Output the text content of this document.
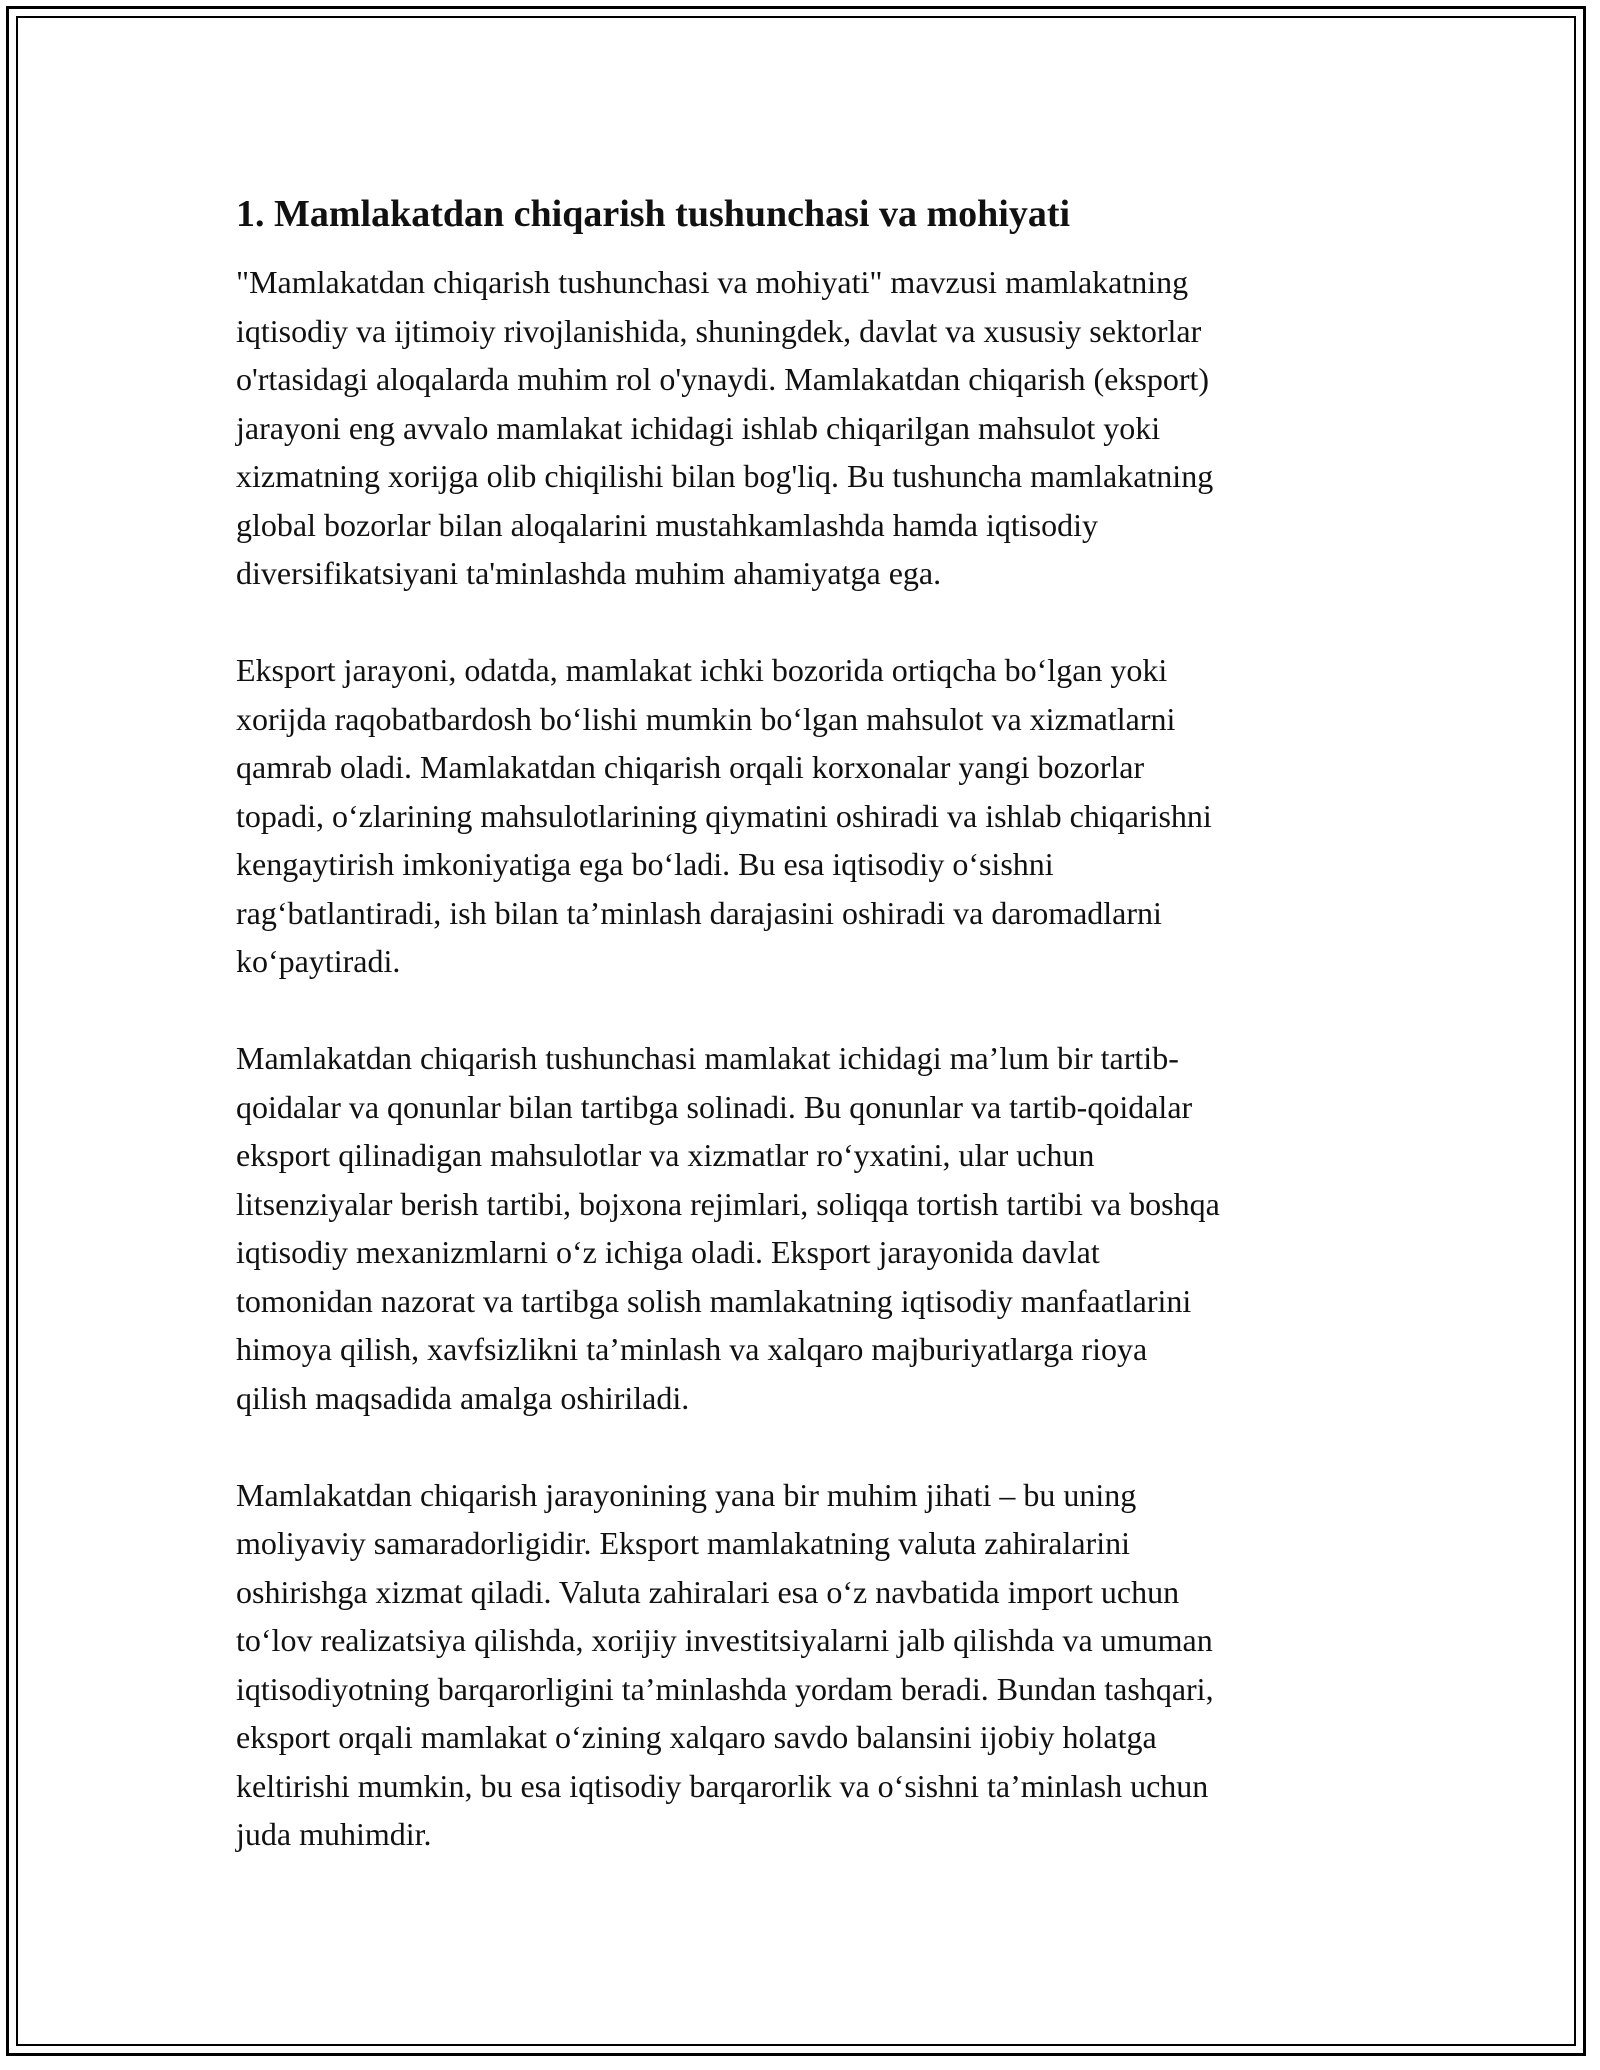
1. Mamlakatdan chiqarish tushunchasi va mohiyati

"Mamlakatdan chiqarish tushunchasi va mohiyati" mavzusi mamlakatning
iqtisodiy va ijtimoiy rivojlanishida, shuningdek, davlat va xususiy sektorlar
o'rtasidagi aloqalarda muhim rol o'ynaydi. Mamlakatdan chiqarish (eksport)
jarayoni eng avvalo mamlakat ichidagi ishlab chiqarilgan mahsulot yoki
xizmatning xorijga olib chiqilishi bilan bog'liq. Bu tushuncha mamlakatning
global bozorlar bilan aloqalarini mustahkamlashda hamda iqtisodiy
diversifikatsiyani ta'minlashda muhim ahamiyatga ega.

Eksport jarayoni, odatda, mamlakat ichki bozorida ortiqcha bo‘lgan yoki
xorijda raqobatbardosh bo‘lishi mumkin bo‘lgan mahsulot va xizmatlarni
qamrab oladi. Mamlakatdan chiqarish orqali korxonalar yangi bozorlar
topadi, o‘zlarining mahsulotlarining qiymatini oshiradi va ishlab chiqarishni
kengaytirish imkoniyatiga ega bo‘ladi. Bu esa iqtisodiy o‘sishni
rag‘batlantiradi, ish bilan ta’minlash darajasini oshiradi va daromadlarni
ko‘paytiradi.

Mamlakatdan chiqarish tushunchasi mamlakat ichidagi ma’lum bir tartib-
qoidalar va qonunlar bilan tartibga solinadi. Bu qonunlar va tartib-qoidalar
eksport qilinadigan mahsulotlar va xizmatlar ro‘yxatini, ular uchun
litsenziyalar berish tartibi, bojxona rejimlari, soliqqa tortish tartibi va boshqa
iqtisodiy mexanizmlarni o‘z ichiga oladi. Eksport jarayonida davlat
tomonidan nazorat va tartibga solish mamlakatning iqtisodiy manfaatlarini
himoya qilish, xavfsizlikni ta’minlash va xalqaro majburiyatlarga rioya
qilish maqsadida amalga oshiriladi.

Mamlakatdan chiqarish jarayonining yana bir muhim jihati – bu uning
moliyaviy samaradorligidir. Eksport mamlakatning valuta zahiralarini
oshirishga xizmat qiladi. Valuta zahiralari esa o‘z navbatida import uchun
to‘lov realizatsiya qilishda, xorijiy investitsiyalarni jalb qilishda va umuman
iqtisodiyotning barqarorligini ta’minlashda yordam beradi. Bundan tashqari,
eksport orqali mamlakat o‘zining xalqaro savdo balansini ijobiy holatga
keltirishi mumkin, bu esa iqtisodiy barqarorlik va o‘sishni ta’minlash uchun
juda muhimdir.
